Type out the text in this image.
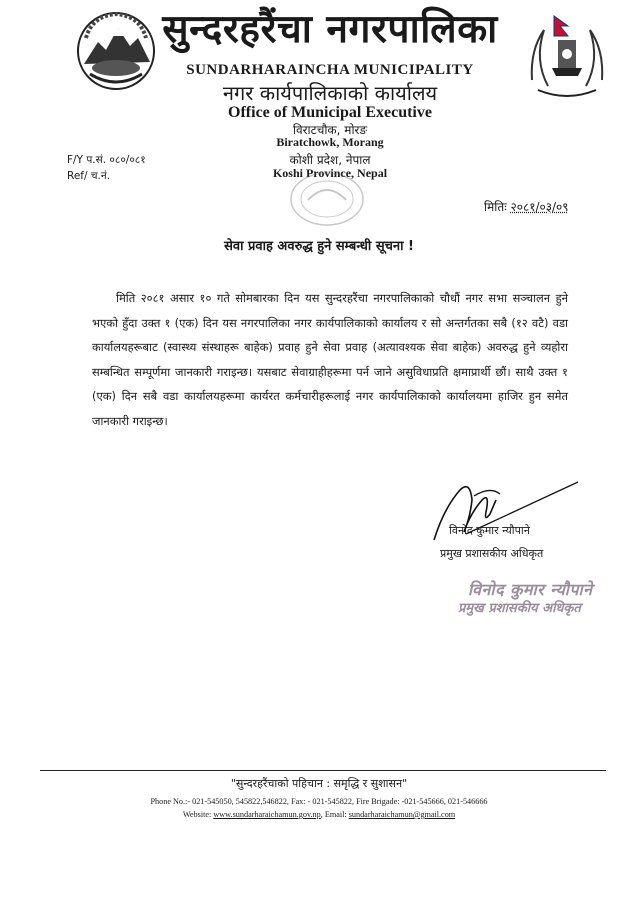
सुन्दरहरैंचा नगरपालिका
SUNDARHARAINCHA MUNICIPALITY
नगर कार्यपालिकाको कार्यालय
Office of Municipal Executive
विराटचौक, मोरङ
Biratchowk, Morang
कोशी प्रदेश, नेपाल
Koshi Province, Nepal
F/Y प.सं. ०८०/०८१
Ref/ च.नं.
मितिः २०८१/०३/०९
सेवा प्रवाह अवरुद्ध हुने सम्बन्धी सूचना !

मिति २०८१ असार १० गते सोमबारका दिन यस सुन्दरहरैंचा नगरपालिकाको चौधौं नगर सभा सञ्चालन हुने भएको हुँदा उक्त १ (एक) दिन यस नगरपालिका नगर कार्यपालिकाको कार्यालय र सो अन्तर्गतका सबै (१२ वटै) वडा कार्यालयहरूबाट (स्वास्थ्य संस्थाहरू बाहेक) प्रवाह हुने सेवा प्रवाह (अत्यावश्यक सेवा बाहेक) अवरुद्ध हुने व्यहोरा सम्बन्धित सम्पूर्णमा जानकारी गराइन्छ। यसबाट सेवाग्राहीहरूमा पर्न जाने असुविधाप्रति क्षमाप्रार्थी छौं। साथै उक्त १ (एक) दिन सबै वडा कार्यालयहरूमा कार्यरत कर्मचारीहरूलाई नगर कार्यपालिकाको कार्यालयमा हाजिर हुन समेत जानकारी गराइन्छ।

विनोद कुमार न्यौपाने
प्रमुख प्रशासकीय अधिकृत
विनोद कुमार न्यौपाने
प्रमुख प्रशासकीय अधिकृत
"सुन्दरहरैंचाको पहिचान : समृद्धि र सुशासन"
Phone No.:- 021-545050, 545822,546822, Fax: - 021-545822, Fire Brigade: -021-545666, 021-546666
Website: www.sundarharaichamun.gov.np, Email: sundarharaichamun@gmail.com
